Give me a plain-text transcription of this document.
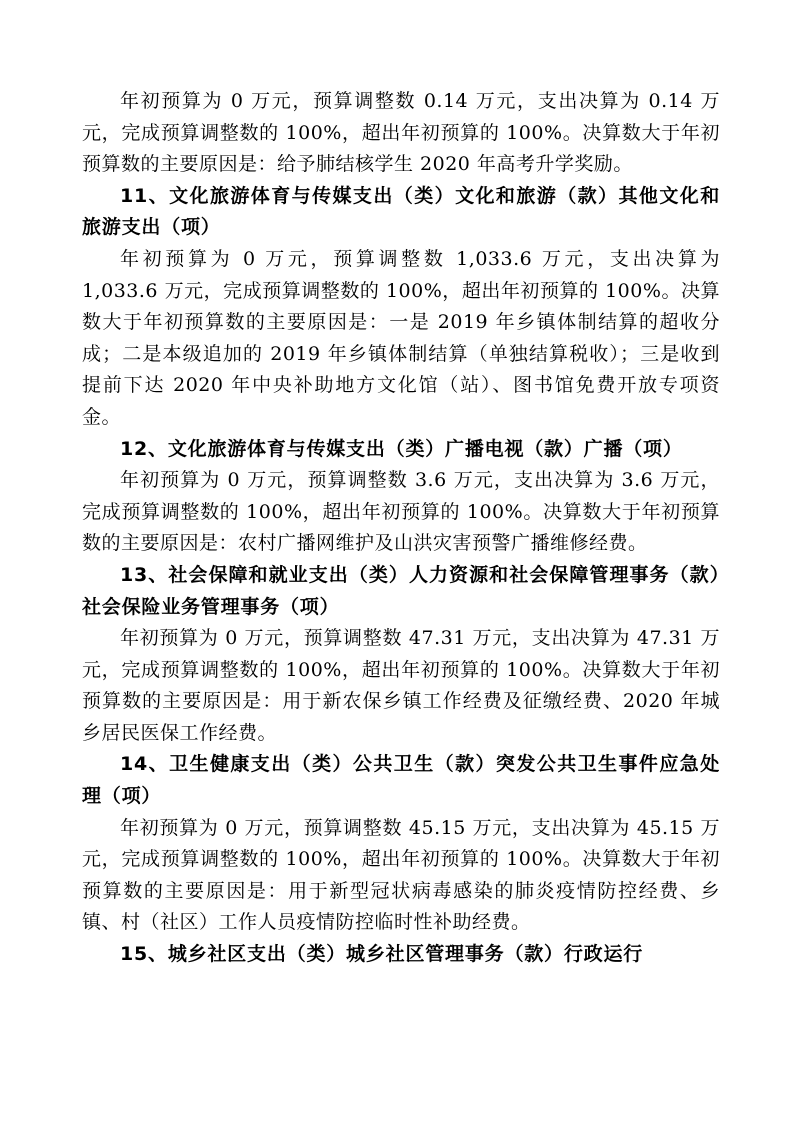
年初预算为 0 万元，预算调整数 0.14 万元，支出决算为 0.14 万元，完成预算调整数的 100%，超出年初预算的 100%。决算数大于年初预算数的主要原因是：给予肺结核学生 2020 年高考升学奖励。

11、文化旅游体育与传媒支出（类）文化和旅游（款）其他文化和旅游支出（项）

年初预算为 0 万元，预算调整数 1,033.6 万元，支出决算为 1,033.6 万元，完成预算调整数的 100%，超出年初预算的 100%。决算数大于年初预算数的主要原因是：一是 2019 年乡镇体制结算的超收分成；二是本级追加的 2019 年乡镇体制结算（单独结算税收）；三是收到提前下达 2020 年中央补助地方文化馆（站）、图书馆免费开放专项资金。

12、文化旅游体育与传媒支出（类）广播电视（款）广播（项）

年初预算为 0 万元，预算调整数 3.6 万元，支出决算为 3.6 万元，完成预算调整数的 100%，超出年初预算的 100%。决算数大于年初预算数的主要原因是：农村广播网维护及山洪灾害预警广播维修经费。

13、社会保障和就业支出（类）人力资源和社会保障管理事务（款）社会保险业务管理事务（项）

年初预算为 0 万元，预算调整数 47.31 万元，支出决算为 47.31 万元，完成预算调整数的 100%，超出年初预算的 100%。决算数大于年初预算数的主要原因是：用于新农保乡镇工作经费及征缴经费、2020 年城乡居民医保工作经费。

14、卫生健康支出（类）公共卫生（款）突发公共卫生事件应急处理（项）

年初预算为 0 万元，预算调整数 45.15 万元，支出决算为 45.15 万元，完成预算调整数的 100%，超出年初预算的 100%。决算数大于年初预算数的主要原因是：用于新型冠状病毒感染的肺炎疫情防控经费、乡镇、村（社区）工作人员疫情防控临时性补助经费。

15、城乡社区支出（类）城乡社区管理事务（款）行政运行
